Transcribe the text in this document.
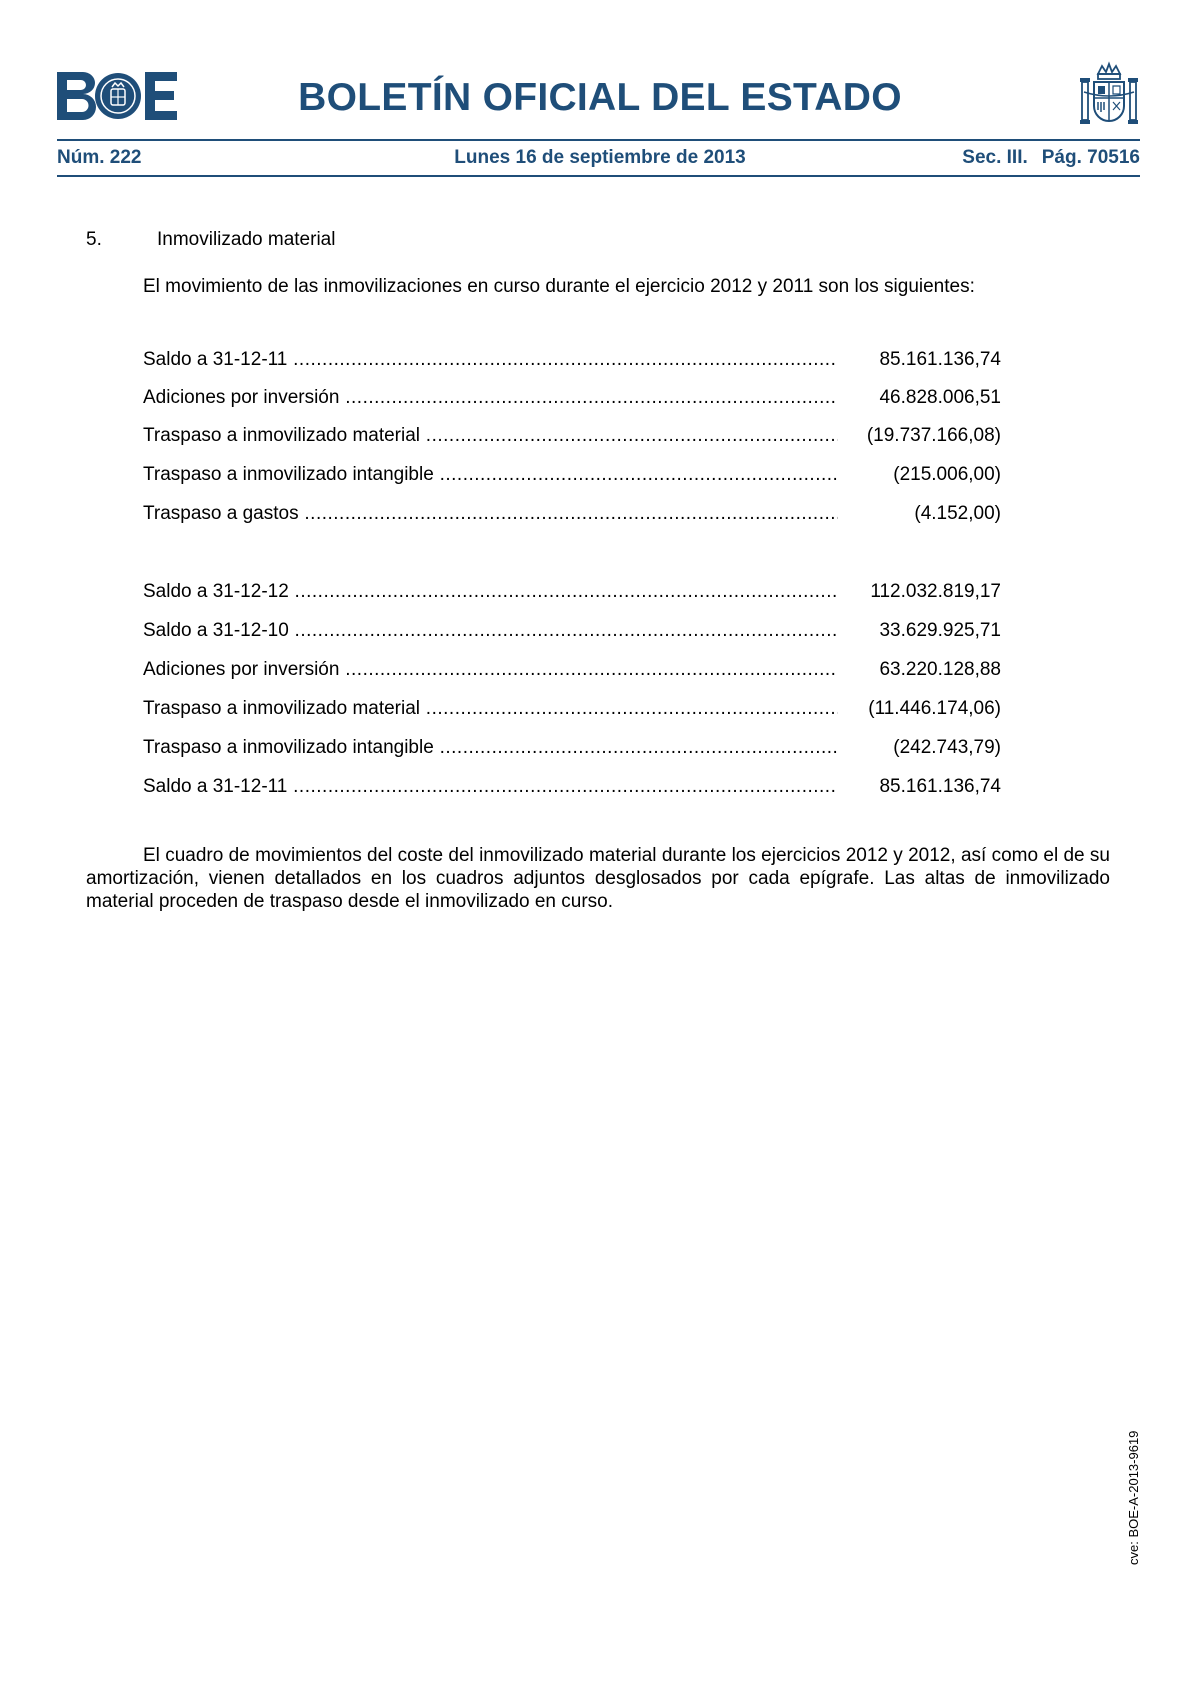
BOLETÍN OFICIAL DEL ESTADO
Núm. 222	Lunes 16 de septiembre de 2013	Sec. III. Pág. 70516
5.	Inmovilizado material
El movimiento de las inmovilizaciones en curso durante el ejercicio 2012 y 2011 son los siguientes:
Saldo a 31-12-11 .....	85.161.136,74
Adiciones por inversión .....	46.828.006,51
Traspaso a inmovilizado material .....	(19.737.166,08)
Traspaso a inmovilizado intangible .....	(215.006,00)
Traspaso a gastos .....	(4.152,00)
Saldo a 31-12-12 .....	112.032.819,17
Saldo a 31-12-10 .....	33.629.925,71
Adiciones por inversión .....	63.220.128,88
Traspaso a inmovilizado material .....	(11.446.174,06)
Traspaso a inmovilizado intangible .....	(242.743,79)
Saldo a 31-12-11 .....	85.161.136,74
El cuadro de movimientos del coste del inmovilizado material durante los ejercicios 2012 y 2012, así como el de su amortización, vienen detallados en los cuadros adjuntos desglosados por cada epígrafe. Las altas de inmovilizado material proceden de traspaso desde el inmovilizado en curso.
cve: BOE-A-2013-9619
